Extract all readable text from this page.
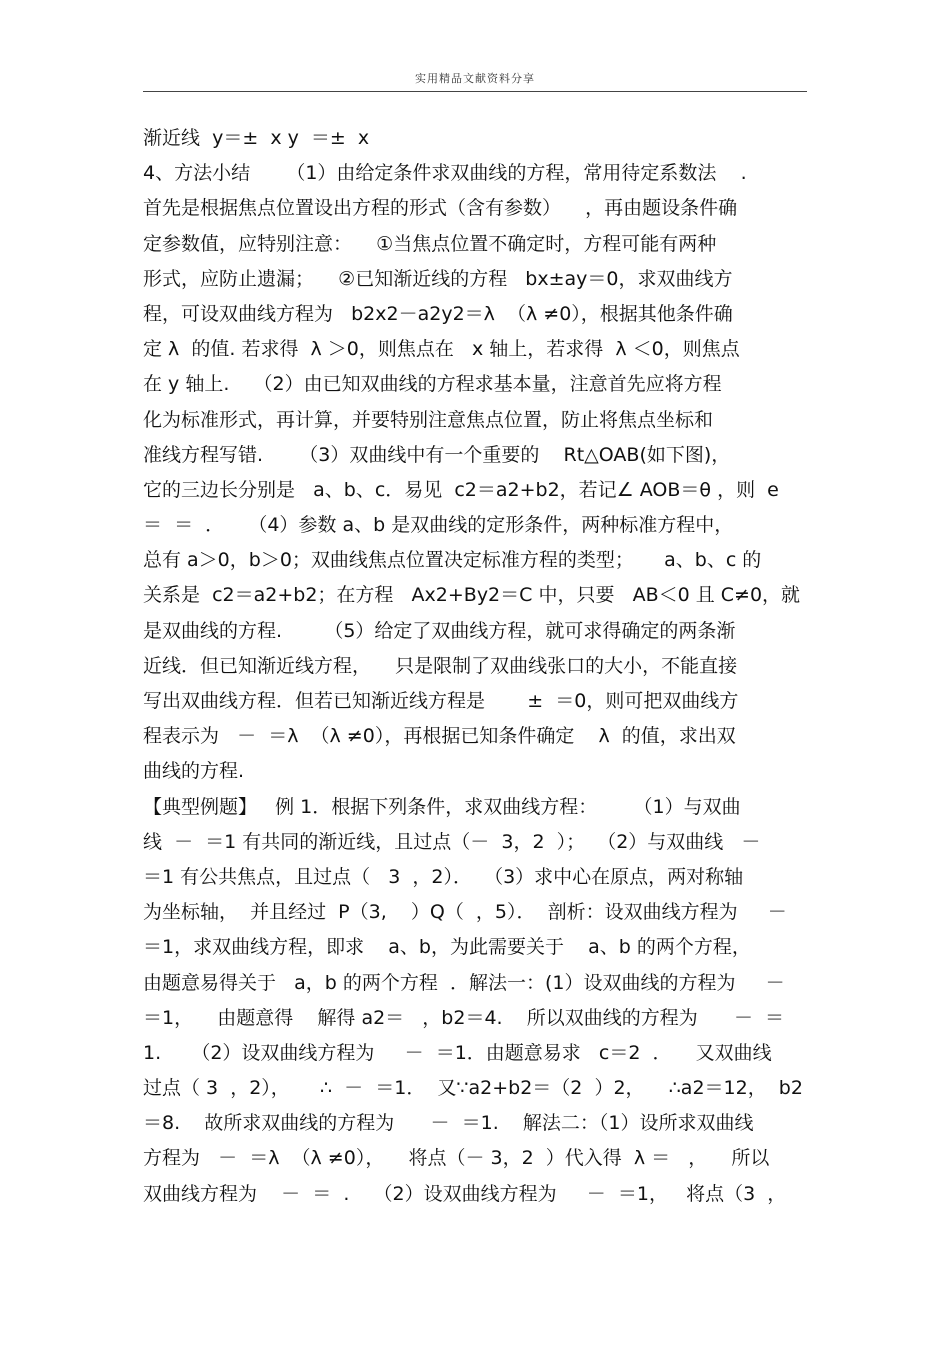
实用精品文献资料分享
渐近线  y＝±  x y  ＝±  x
4、方法小结      （1）由给定条件求双曲线的方程，常用待定系数法    .
首先是根据焦点位置设出方程的形式（含有参数）    ，再由题设条件确
定参数值，应特别注意：    ①当焦点位置不确定时，方程可能有两种
形式，应防止遗漏；    ②已知渐近线的方程   bx±ay＝0，求双曲线方
程，可设双曲线方程为   b2x2－a2y2＝λ  （λ ≠0），根据其他条件确
定 λ  的值. 若求得  λ ＞0，则焦点在   x 轴上，若求得  λ ＜0，则焦点
在 y 轴上.    （2）由已知双曲线的方程求基本量，注意首先应将方程
化为标准形式，再计算，并要特别注意焦点位置，防止将焦点坐标和
准线方程写错.      （3）双曲线中有一个重要的    Rt△OAB(如下图)，
它的三边长分别是   a、b、c．易见  c2＝a2+b2，若记∠ AOB＝θ ，则  e
＝  ＝  ．    （4）参数 a、b 是双曲线的定形条件，两种标准方程中，
总有 a＞0，b＞0；双曲线焦点位置决定标准方程的类型；     a、b、c 的
关系是  c2＝a2+b2；在方程   Ax2+By2＝C 中，只要   AB＜0 且 C≠0，就
是双曲线的方程.       （5）给定了双曲线方程，就可求得确定的两条渐
近线．但已知渐近线方程，    只是限制了双曲线张口的大小，不能直接
写出双曲线方程．但若已知渐近线方程是       ±  ＝0，则可把双曲线方
程表示为   －  ＝λ  （λ ≠0），再根据已知条件确定    λ  的值，求出双
曲线的方程.
【典型例题】   例 1．根据下列条件，求双曲线方程：      （1）与双曲
线  －  ＝1 有共同的渐近线，且过点（－  3，2  ）；  （2）与双曲线   －
＝1 有公共焦点，且过点（   3  ，2）．  （3）求中心在原点，两对称轴
为坐标轴，  并且经过  P（3,    ）Q（  ，5）．  剖析：设双曲线方程为     －
＝1，求双曲线方程，即求    a、b，为此需要关于    a、b 的两个方程，
由题意易得关于   a，b 的两个方程  ．解法一：(1）设双曲线的方程为     －
＝1，    由题意得    解得 a2＝   ，b2＝4.    所以双曲线的方程为      －  ＝
1.     （2）设双曲线方程为     －  ＝1．由题意易求   c＝2  ．    又双曲线
过点（ 3  ，2），     ∴  －  ＝1．  又∵a2+b2＝（2  ）2，    ∴a2＝12，  b2
＝8.    故所求双曲线的方程为      －  ＝1.    解法二：（1）设所求双曲线
方程为   －  ＝λ  （λ ≠0），    将点（－ 3，2  ）代入得  λ ＝   ，    所以
双曲线方程为    －  ＝  .    （2）设双曲线方程为     －  ＝1，   将点（3  ，
